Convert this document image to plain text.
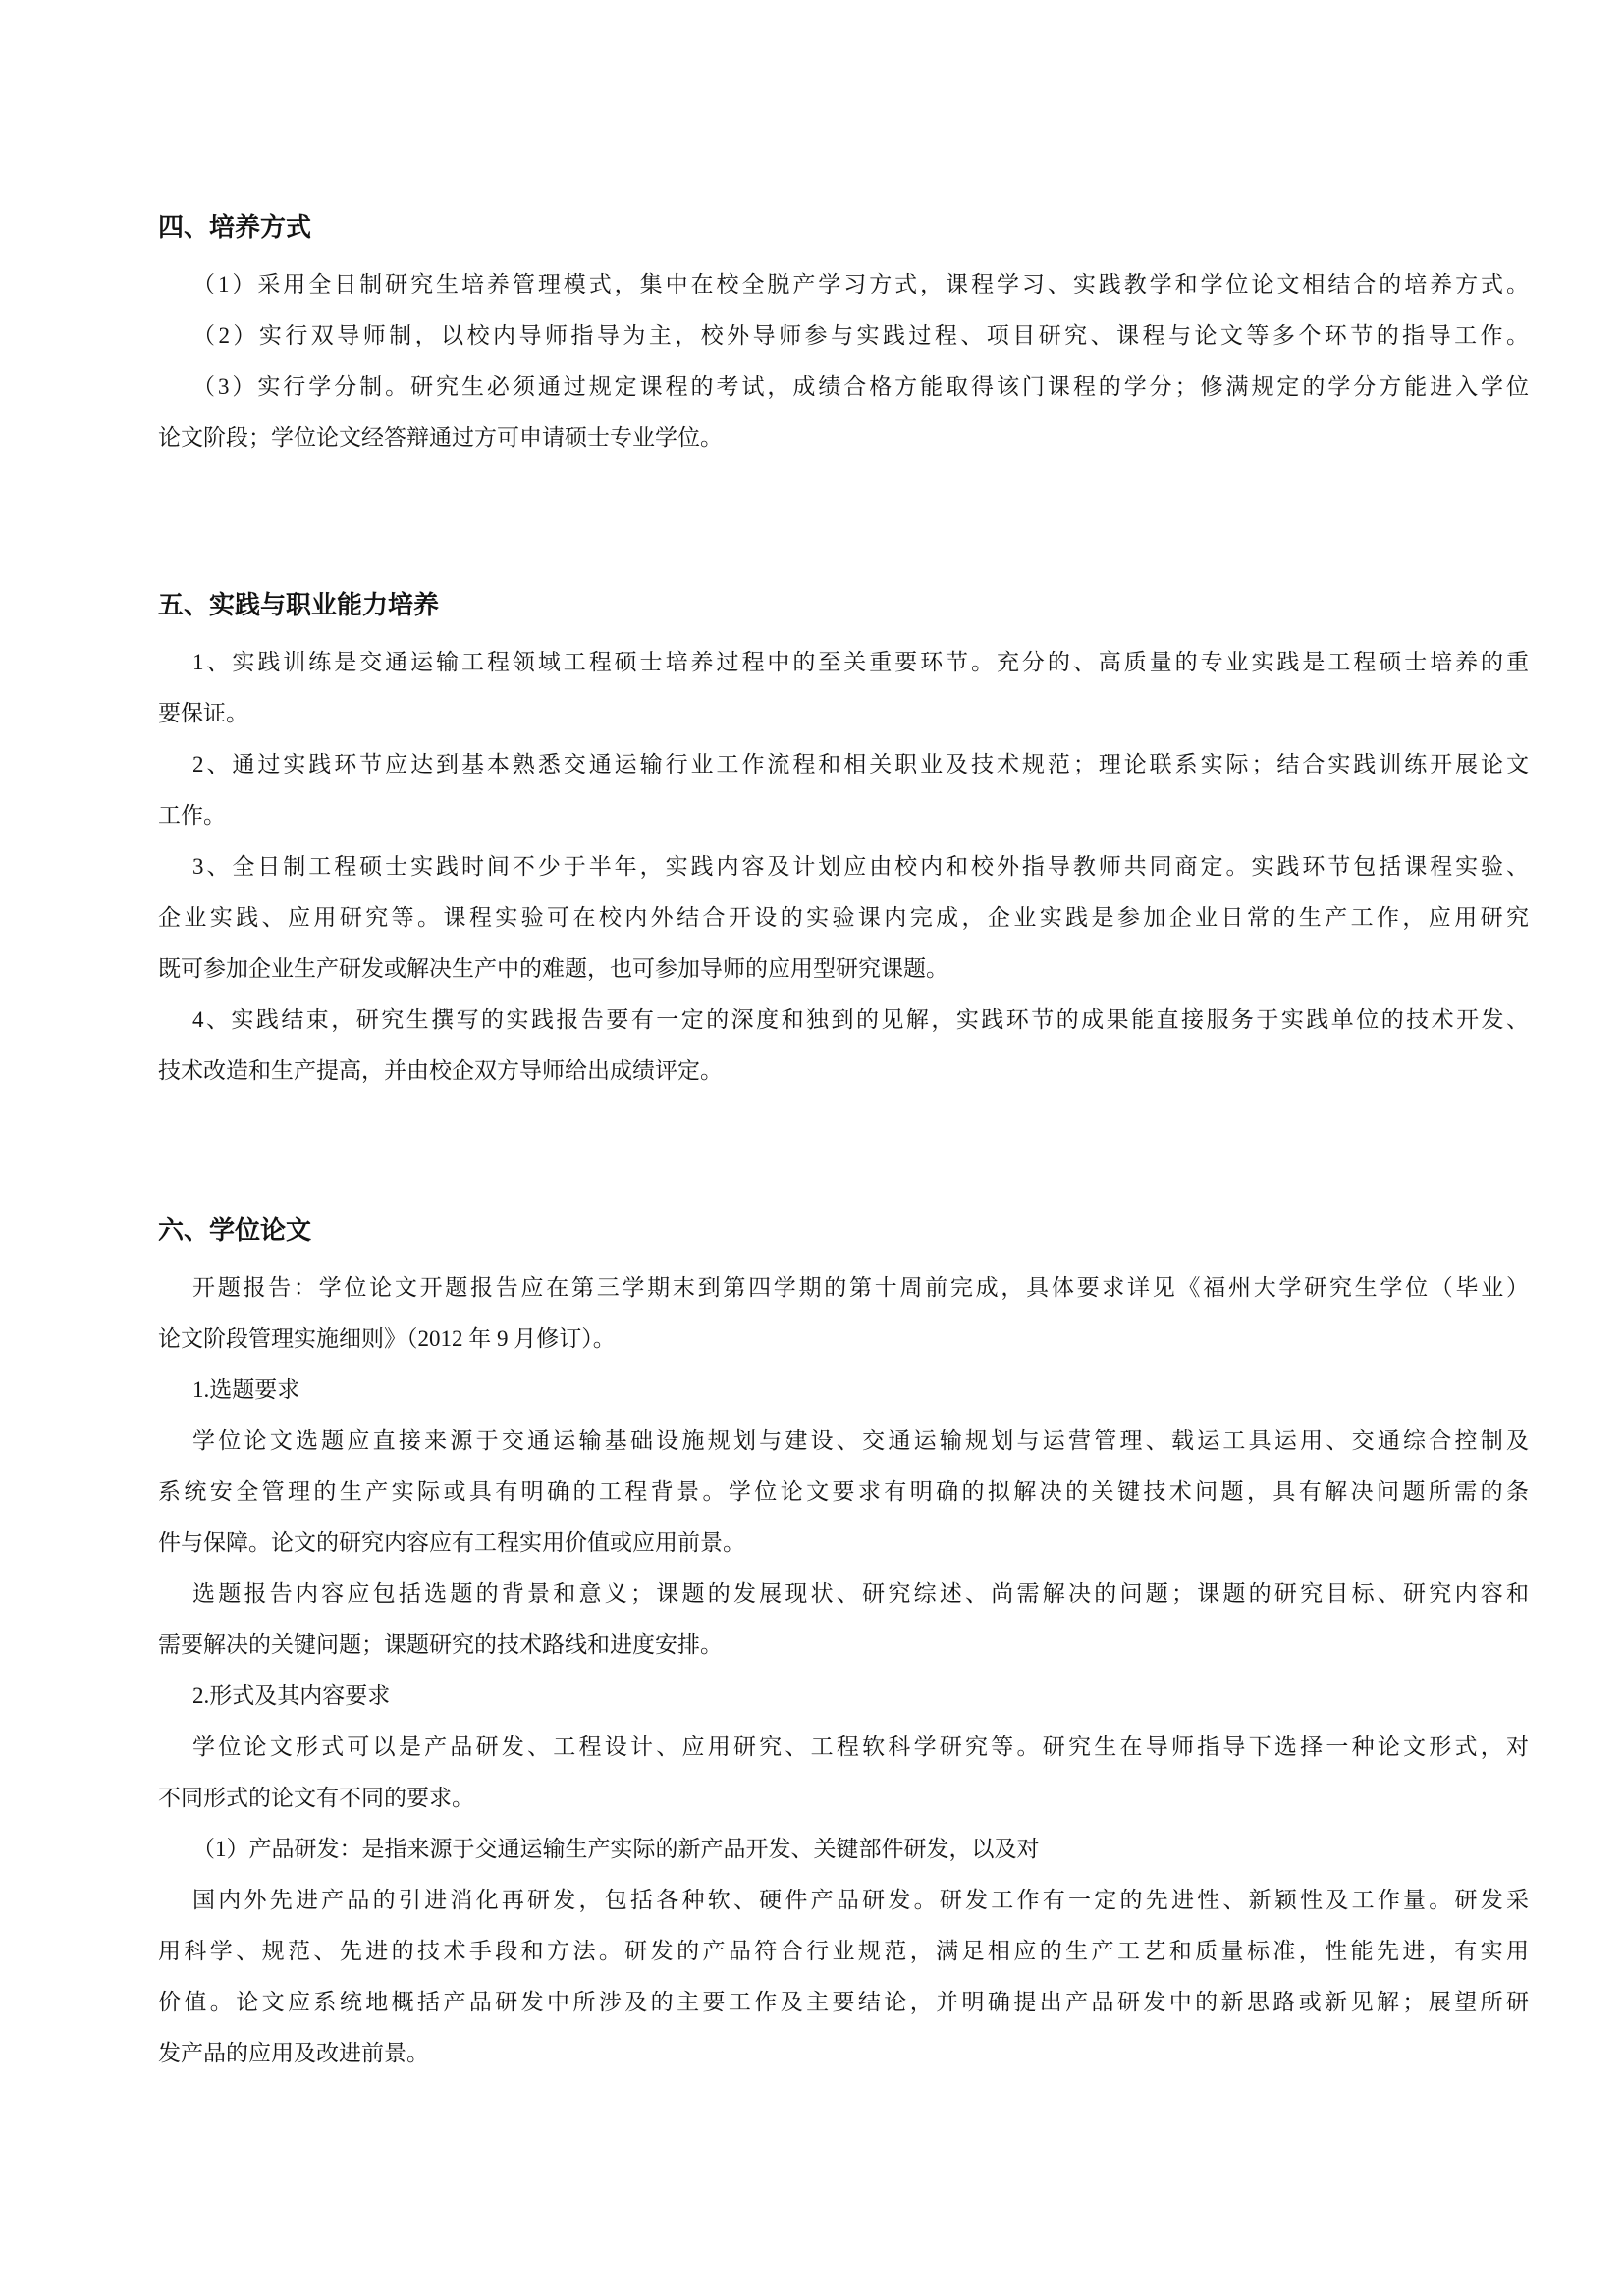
四、培养方式
（1）采用全日制研究生培养管理模式，集中在校全脱产学习方式，课程学习、实践教学和学位论文相结合的培养方式。
（2）实行双导师制，以校内导师指导为主，校外导师参与实践过程、项目研究、课程与论文等多个环节的指导工作。
（3）实行学分制。研究生必须通过规定课程的考试，成绩合格方能取得该门课程的学分；修满规定的学分方能进入学位
论文阶段；学位论文经答辩通过方可申请硕士专业学位。
五、实践与职业能力培养
1、实践训练是交通运输工程领域工程硕士培养过程中的至关重要环节。充分的、高质量的专业实践是工程硕士培养的重
要保证。
2、通过实践环节应达到基本熟悉交通运输行业工作流程和相关职业及技术规范；理论联系实际；结合实践训练开展论文
工作。
3、全日制工程硕士实践时间不少于半年，实践内容及计划应由校内和校外指导教师共同商定。实践环节包括课程实验、
企业实践、应用研究等。课程实验可在校内外结合开设的实验课内完成，企业实践是参加企业日常的生产工作，应用研究
既可参加企业生产研发或解决生产中的难题，也可参加导师的应用型研究课题。
4、实践结束，研究生撰写的实践报告要有一定的深度和独到的见解，实践环节的成果能直接服务于实践单位的技术开发、
技术改造和生产提高，并由校企双方导师给出成绩评定。
六、学位论文
开题报告：学位论文开题报告应在第三学期末到第四学期的第十周前完成，具体要求详见《福州大学研究生学位（毕业）
论文阶段管理实施细则》（2012 年 9 月修订）。
1.选题要求
学位论文选题应直接来源于交通运输基础设施规划与建设、交通运输规划与运营管理、载运工具运用、交通综合控制及
系统安全管理的生产实际或具有明确的工程背景。学位论文要求有明确的拟解决的关键技术问题，具有解决问题所需的条
件与保障。论文的研究内容应有工程实用价值或应用前景。
选题报告内容应包括选题的背景和意义；课题的发展现状、研究综述、尚需解决的问题；课题的研究目标、研究内容和
需要解决的关键问题；课题研究的技术路线和进度安排。
2.形式及其内容要求
学位论文形式可以是产品研发、工程设计、应用研究、工程软科学研究等。研究生在导师指导下选择一种论文形式，对
不同形式的论文有不同的要求。
（1）产品研发：是指来源于交通运输生产实际的新产品开发、关键部件研发，以及对
国内外先进产品的引进消化再研发，包括各种软、硬件产品研发。研发工作有一定的先进性、新颖性及工作量。研发采
用科学、规范、先进的技术手段和方法。研发的产品符合行业规范，满足相应的生产工艺和质量标准，性能先进，有实用
价值。论文应系统地概括产品研发中所涉及的主要工作及主要结论，并明确提出产品研发中的新思路或新见解；展望所研
发产品的应用及改进前景。
